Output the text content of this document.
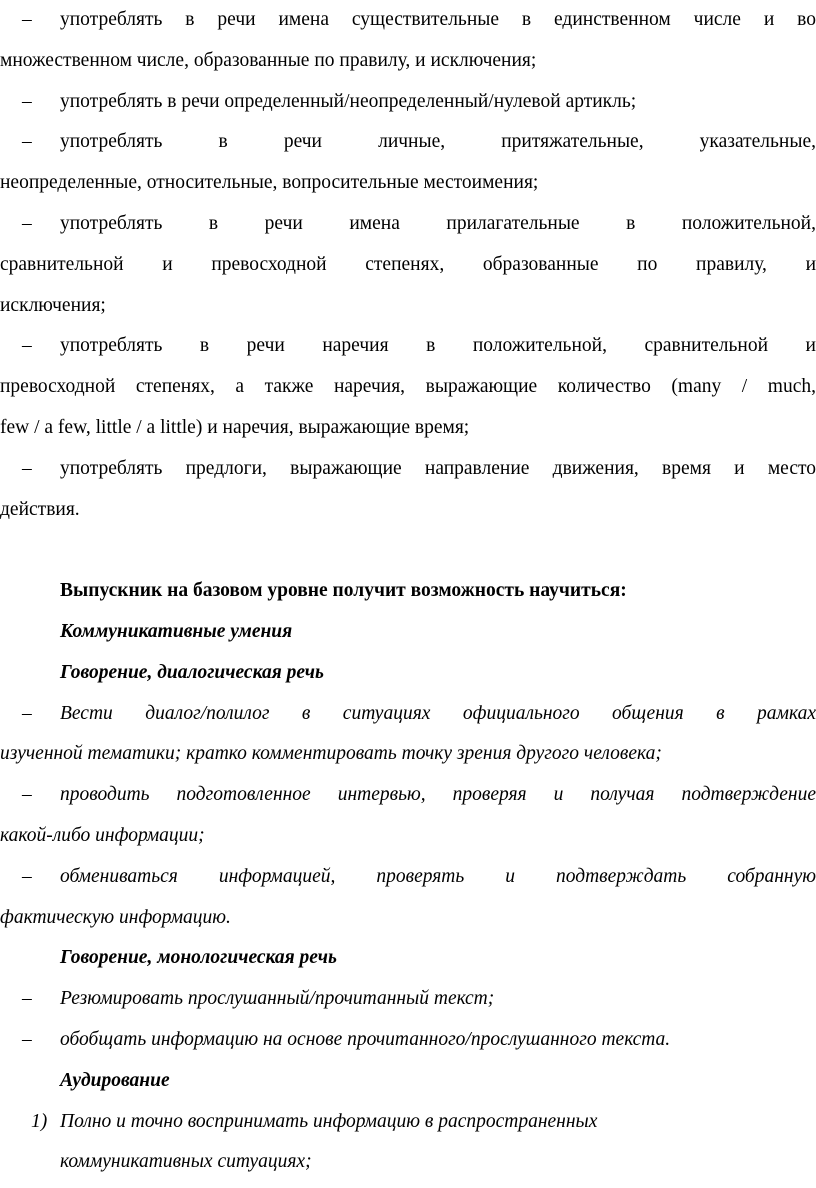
– употреблять в речи имена существительные в единственном числе и во
множественном числе, образованные по правилу, и исключения;
– употреблять в речи определенный/неопределенный/нулевой артикль;
– употреблять в речи личные, притяжательные, указательные,
неопределенные, относительные, вопросительные местоимения;
– употреблять в речи имена прилагательные в положительной,
сравнительной и превосходной степенях, образованные по правилу, и
исключения;
– употреблять в речи наречия в положительной, сравнительной и
превосходной степенях, а также наречия, выражающие количество (many / much,
few / a few, little / a little) и наречия, выражающие время;
– употреблять предлоги, выражающие направление движения, время и место
действия.
Выпускник на базовом уровне получит возможность научиться:
Коммуникативные умения
Говорение, диалогическая речь
– Вести диалог/полилог в ситуациях официального общения в рамках
изученной тематики; кратко комментировать точку зрения другого человека;
– проводить подготовленное интервью, проверяя и получая подтверждение
какой-либо информации;
– обмениваться информацией, проверять и подтверждать собранную
фактическую информацию.
Говорение, монологическая речь
– Резюмировать прослушанный/прочитанный текст;
– обобщать информацию на основе прочитанного/прослушанного текста.
Аудирование
1) Полно и точно воспринимать информацию в распространенных
коммуникативных ситуациях;
